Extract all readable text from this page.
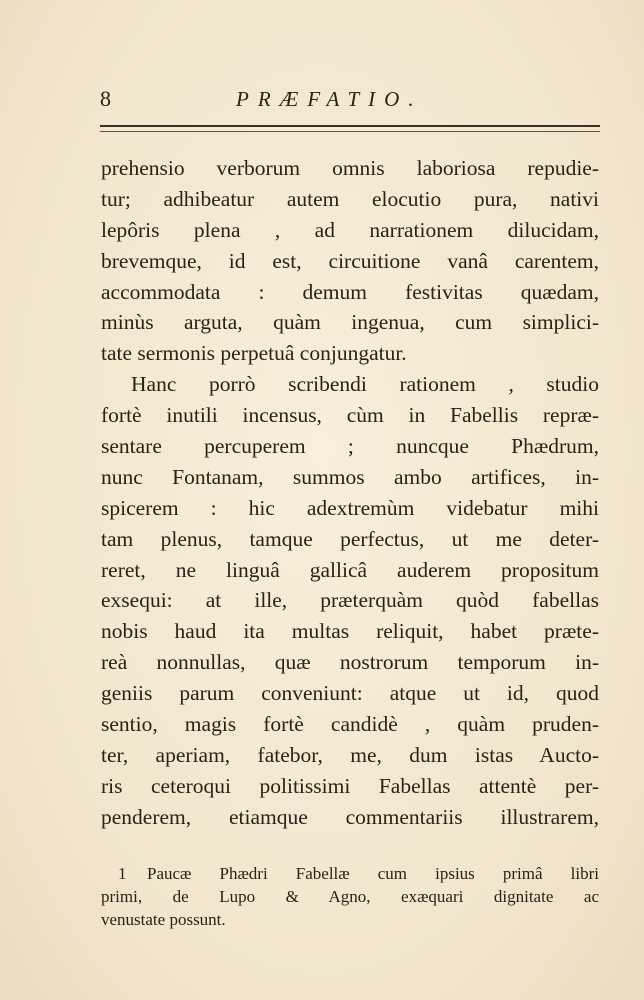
8	PRÆFATIO.
prehensio verborum omnis laboriosa repudie-
tur; adhibeatur autem elocutio pura, nativi
lepôris plena , ad narrationem dilucidam,
brevemque, id est, circuitione vanâ carentem,
accommodata : demum festivitas quædam,
minùs arguta, quàm ingenua, cum simplici-
tate sermonis perpetuâ conjungatur.
Hanc porrò scribendi rationem , studio
fortè inutili incensus, cùm in Fabellis repræ-
sentare percuperem ; nuncque Phædrum,
nunc Fontanam, summos ambo artifices, in-
spicerem : hic adextremùm videbatur mihi
tam plenus, tamque perfectus, ut me deter-
reret, ne linguâ gallicâ auderem propositum
exsequi: at ille, præterquàm quòd fabellas
nobis haud ita multas reliquit, habet præte-
reà nonnullas, quæ nostrorum temporum in-
geniis parum conveniunt: atque ut id, quod
sentio, magis fortè candidè , quàm pruden-
ter, aperiam, fatebor, me, dum istas Aucto-
ris ceteroqui politissimi Fabellas attentè per-
penderem, etiamque commentariis illustrarem,
1	Paucæ Phædri Fabellæ cum ipsius primâ libri
primi, de Lupo & Agno, exæquari dignitate ac
venustate possunt.
